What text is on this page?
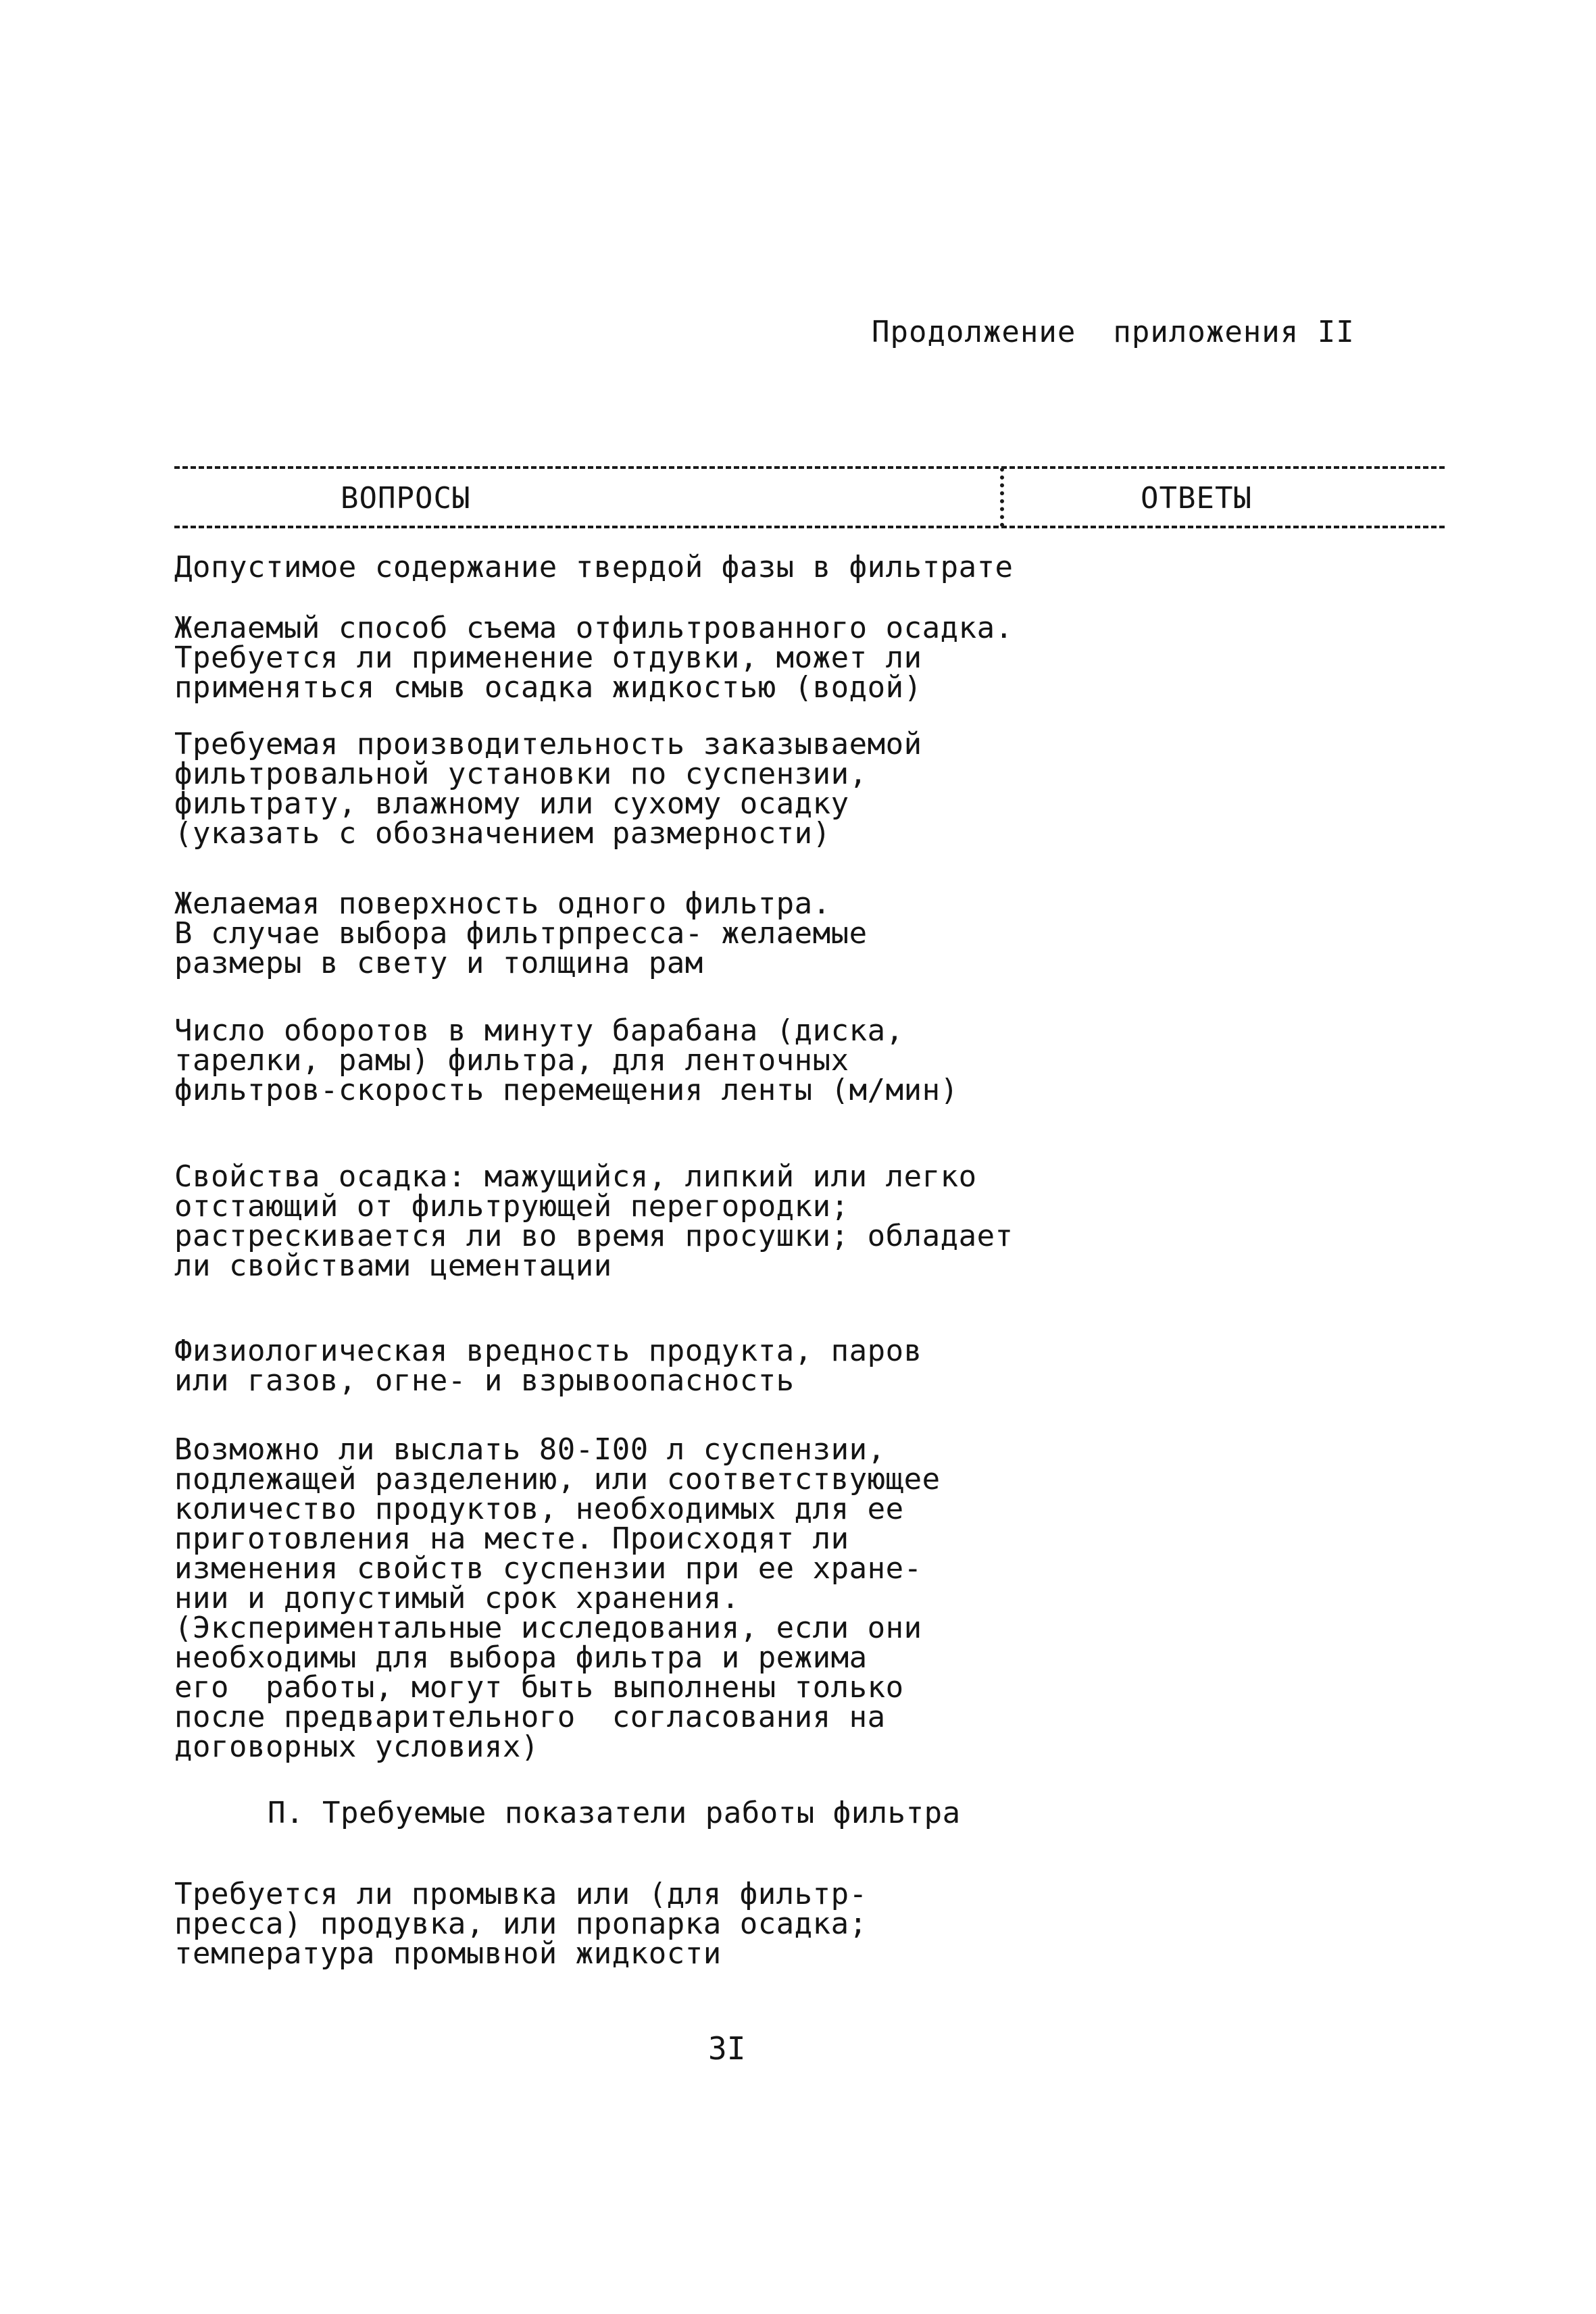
Продолжение  приложения II
ВОПРОСЫ	ОТВЕТЫ
Допустимое содержание твердой фазы в фильтрате
Желаемый способ съема отфильтрованного осадка.
Требуется ли применение отдувки, может ли
применяться смыв осадка жидкостью (водой)
Требуемая производительность заказываемой
фильтровальной установки по суспензии,
фильтрату, влажному или сухому осадку
(указать с обозначением размерности)
Желаемая поверхность одного фильтра.
В случае выбора фильтрпресса- желаемые
размеры в свету и толщина рам
Число оборотов в минуту барабана (диска,
тарелки, рамы) фильтра, для ленточных
фильтров-скорость перемещения ленты (м/мин)
Свойства осадка: мажущийся, липкий или легко
отстающий от фильтрующей перегородки;
растрескивается ли во время просушки; обладает
ли свойствами цементации
Физиологическая вредность продукта, паров
или газов, огне- и взрывоопасность
Возможно ли выслать 80-I00 л суспензии,
подлежащей разделению, или соответствующее
количество продуктов, необходимых для ее
приготовления на месте. Происходят ли
изменения свойств суспензии при ее хране-
нии и допустимый срок хранения.
(Экспериментальные исследования, если они
необходимы для выбора фильтра и режима
его  работы, могут быть выполнены только
после предварительного  согласования на
договорных условиях)
П. Требуемые показатели работы фильтра
Требуется ли промывка или (для фильтр-
пресса) продувка, или пропарка осадка;
температура промывной жидкости
3I
